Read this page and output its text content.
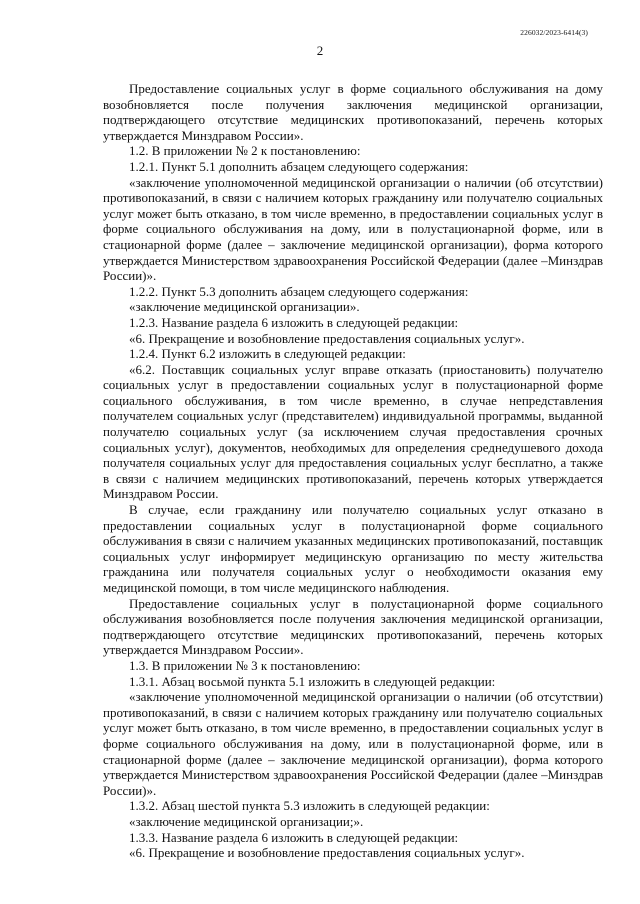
226032/2023-6414(3)
2

Предоставление социальных услуг в форме социального обслуживания на дому возобновляется после получения заключения медицинской организации, подтверждающего отсутствие медицинских противопоказаний, перечень которых утверждается Минздравом России».

1.2. В приложении № 2 к постановлению:

1.2.1. Пункт 5.1 дополнить абзацем следующего содержания:

«заключение уполномоченной медицинской организации о наличии (об отсутствии) противопоказаний, в связи с наличием которых гражданину или получателю социальных услуг может быть отказано, в том числе временно, в предоставлении социальных услуг в форме социального обслуживания на дому, или в полустационарной форме, или в стационарной форме (далее – заключение медицинской организации), форма которого утверждается Министерством здравоохранения Российской Федерации (далее –Минздрав России)».

1.2.2. Пункт 5.3 дополнить абзацем следующего содержания:

«заключение медицинской организации».

1.2.3. Название раздела 6 изложить в следующей редакции:

«6. Прекращение и возобновление предоставления социальных услуг».

1.2.4. Пункт 6.2 изложить в следующей редакции:

«6.2. Поставщик социальных услуг вправе отказать (приостановить) получателю социальных услуг в предоставлении социальных услуг в полустационарной форме социального обслуживания, в том числе временно, в случае непредставления получателем социальных услуг (представителем) индивидуальной программы, выданной получателю социальных услуг (за исключением случая предоставления срочных социальных услуг), документов, необходимых для определения среднедушевого дохода получателя социальных услуг для предоставления социальных услуг бесплатно, а также в связи с наличием медицинских противопоказаний, перечень которых утверждается Минздравом России.

В случае, если гражданину или получателю социальных услуг отказано в предоставлении социальных услуг в полустационарной форме социального обслуживания в связи с наличием указанных медицинских противопоказаний, поставщик социальных услуг информирует медицинскую организацию по месту жительства гражданина или получателя социальных услуг о необходимости оказания ему медицинской помощи, в том числе медицинского наблюдения.

Предоставление социальных услуг в полустационарной форме социального обслуживания возобновляется после получения заключения медицинской организации, подтверждающего отсутствие медицинских противопоказаний, перечень которых утверждается Минздравом России».

1.3. В приложении № 3 к постановлению:

1.3.1. Абзац восьмой пункта 5.1 изложить в следующей редакции:

«заключение уполномоченной медицинской организации о наличии (об отсутствии) противопоказаний, в связи с наличием которых гражданину или получателю социальных услуг может быть отказано, в том числе временно, в предоставлении социальных услуг в форме социального обслуживания на дому, или в полустационарной форме, или в стационарной форме (далее – заключение медицинской организации), форма которого утверждается Министерством здравоохранения Российской Федерации (далее –Минздрав России)».

1.3.2. Абзац шестой пункта 5.3 изложить в следующей редакции:

«заключение медицинской организации;».

1.3.3. Название раздела 6 изложить в следующей редакции:

«6. Прекращение и возобновление предоставления социальных услуг».
